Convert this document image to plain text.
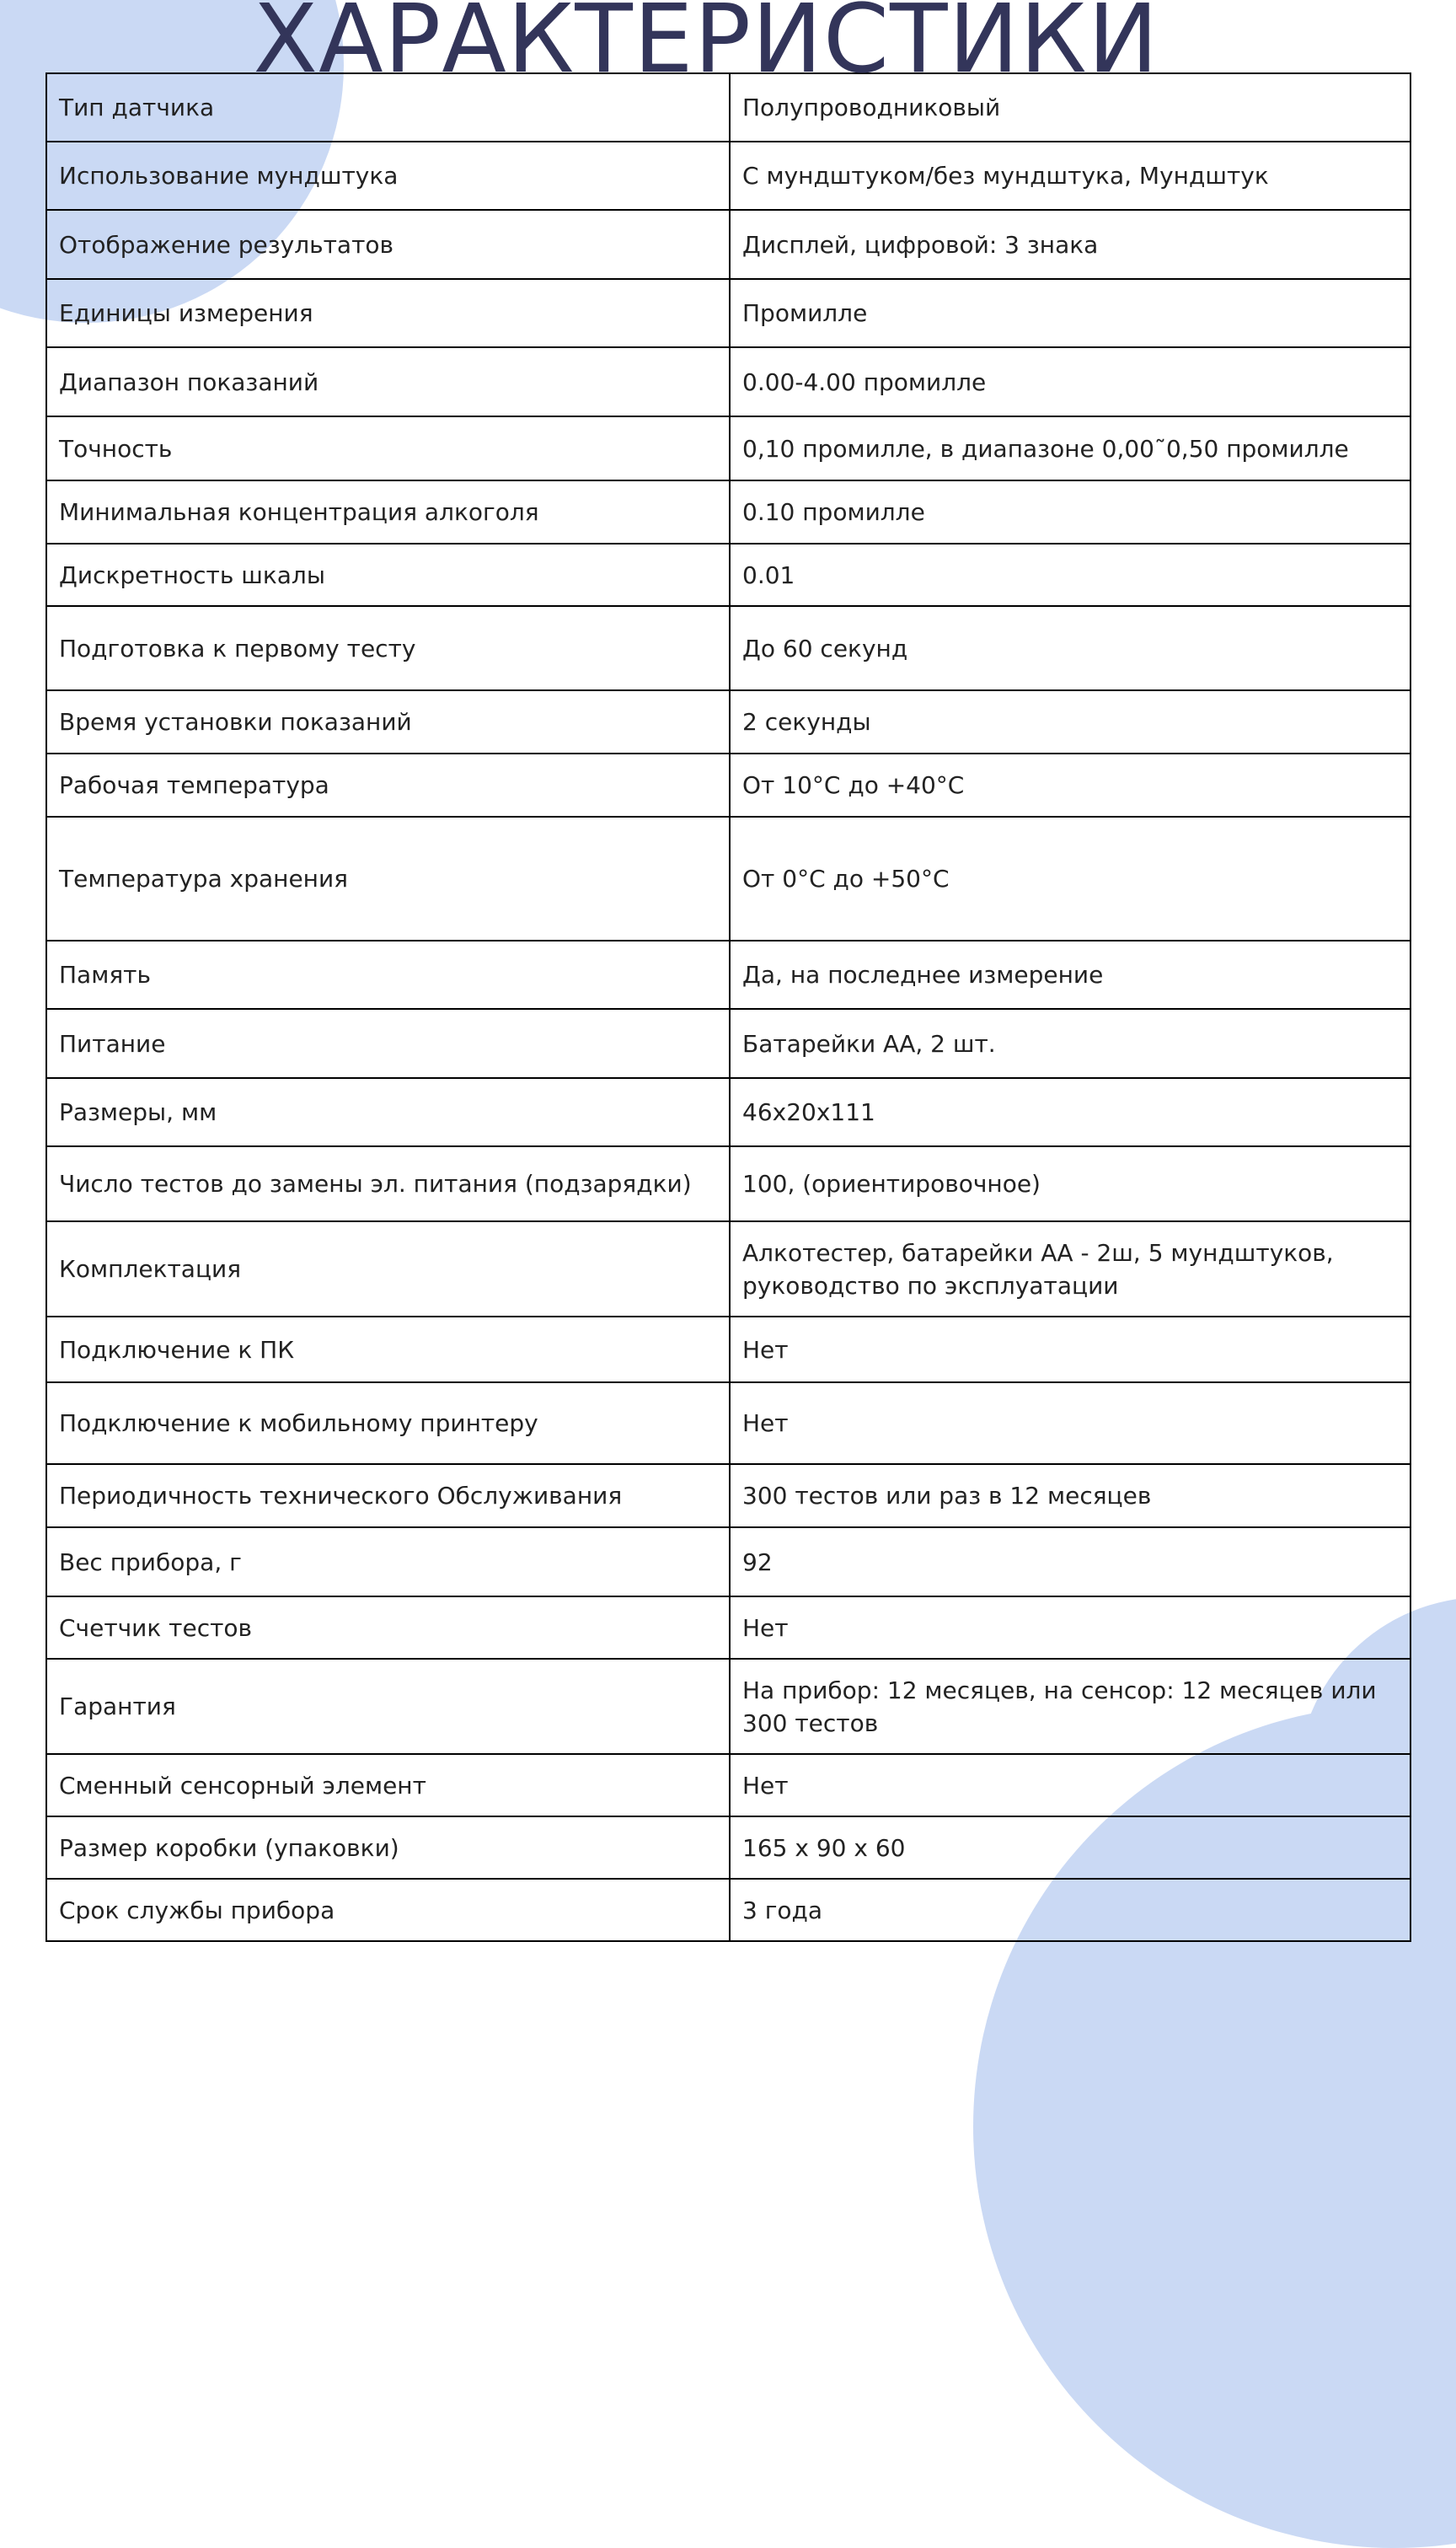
ХАРАКТЕРИСТИКИ
Тип датчика	Полупроводниковый
Использование мундштука	С мундштуком/без мундштука, Мундштук
Отображение результатов	Дисплей, цифровой: 3 знака
Единицы измерения	Промилле
Диапазон показаний	0.00-4.00 промилле
Точность	0,10 промилле, в диапазоне 0,00˜0,50 промилле
Минимальная концентрация алкоголя	0.10 промилле
Дискретность шкалы	0.01
Подготовка к первому тесту	До 60 секунд
Время установки показаний	2 секунды
Рабочая температура	От 10°C до +40°C
Температура хранения	От 0°C до +50°C
Память	Да, на последнее измерение
Питание	Батарейки АА, 2 шт.
Размеры, мм	46x20x111
Число тестов до замены эл. питания (подзарядки)	100, (ориентировочное)
Комплектация	Алкотестер, батарейки АА - 2ш, 5 мундштуков, руководство по эксплуатации
Подключение к ПК	Нет
Подключение к мобильному принтеру	Нет
Периодичность технического Обслуживания	300 тестов или раз в 12 месяцев
Вес прибора, г	92
Счетчик тестов	Нет
Гарантия	На прибор: 12 месяцев, на сенсор: 12 месяцев или 300 тестов
Сменный сенсорный элемент	Нет
Размер коробки (упаковки)	165 x 90 x 60
Срок службы прибора	3 года
